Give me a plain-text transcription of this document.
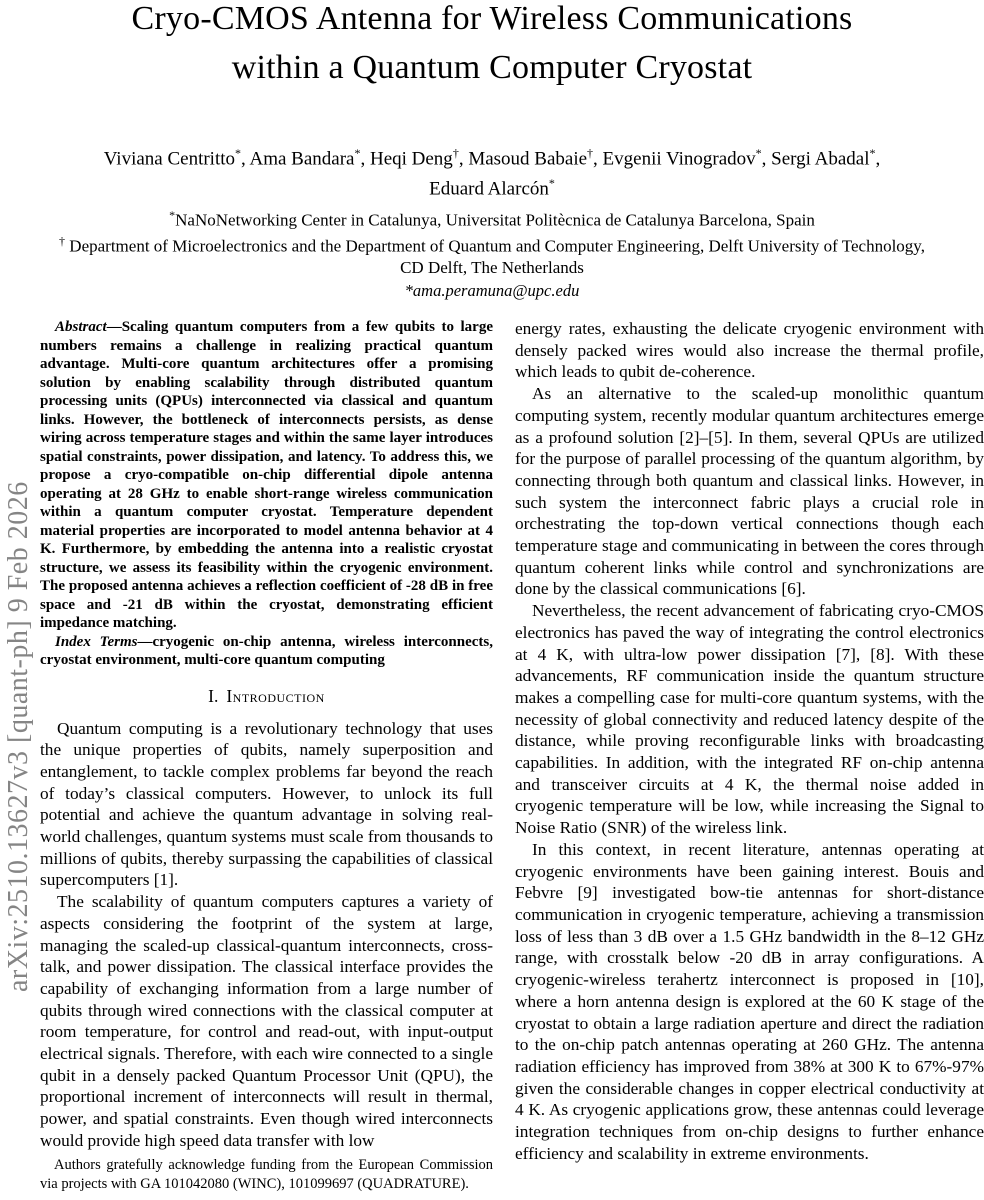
arXiv:2510.13627v3 [quant-ph] 9 Feb 2026
Cryo-CMOS Antenna for Wireless Communications
within a Quantum Computer Cryostat
Viviana Centritto*, Ama Bandara*, Heqi Deng†, Masoud Babaie†, Evgenii Vinogradov*, Sergi Abadal*,
Eduard Alarcón*
*NaNoNetworking Center in Catalunya, Universitat Politècnica de Catalunya Barcelona, Spain
† Department of Microelectronics and the Department of Quantum and Computer Engineering, Delft University of Technology,
CD Delft, The Netherlands
*ama.peramuna@upc.edu

Abstract—Scaling quantum computers from a few qubits to large numbers remains a challenge in realizing practical quantum advantage. Multi-core quantum architectures offer a promising solution by enabling scalability through distributed quantum processing units (QPUs) interconnected via classical and quantum links. However, the bottleneck of interconnects persists, as dense wiring across temperature stages and within the same layer introduces spatial constraints, power dissipation, and latency. To address this, we propose a cryo-compatible on-chip differential dipole antenna operating at 28 GHz to enable short-range wireless communication within a quantum computer cryostat. Temperature dependent material properties are incorporated to model antenna behavior at 4 K. Furthermore, by embedding the antenna into a realistic cryostat structure, we assess its feasibility within the cryogenic environment. The proposed antenna achieves a reflection coefficient of -28 dB in free space and -21 dB within the cryostat, demonstrating efficient impedance matching.

Index Terms—cryogenic on-chip antenna, wireless interconnects, cryostat environment, multi-core quantum computing

I. Introduction

Quantum computing is a revolutionary technology that uses the unique properties of qubits, namely superposition and entanglement, to tackle complex problems far beyond the reach of today’s classical computers. However, to unlock its full potential and achieve the quantum advantage in solving real-world challenges, quantum systems must scale from thousands to millions of qubits, thereby surpassing the capabilities of classical supercomputers [1].

The scalability of quantum computers captures a variety of aspects considering the footprint of the system at large, managing the scaled-up classical-quantum interconnects, cross-talk, and power dissipation. The classical interface provides the capability of exchanging information from a large number of qubits through wired connections with the classical computer at room temperature, for control and read-out, with input-output electrical signals. Therefore, with each wire connected to a single qubit in a densely packed Quantum Processor Unit (QPU), the proportional increment of interconnects will result in thermal, power, and spatial constraints. Even though wired interconnects would provide high speed data transfer with low

energy rates, exhausting the delicate cryogenic environment with densely packed wires would also increase the thermal profile, which leads to qubit de-coherence.

As an alternative to the scaled-up monolithic quantum computing system, recently modular quantum architectures emerge as a profound solution [2]–[5]. In them, several QPUs are utilized for the purpose of parallel processing of the quantum algorithm, by connecting through both quantum and classical links. However, in such system the interconnect fabric plays a crucial role in orchestrating the top-down vertical connections though each temperature stage and communicating in between the cores through quantum coherent links while control and synchronizations are done by the classical communications [6].

Nevertheless, the recent advancement of fabricating cryo-CMOS electronics has paved the way of integrating the control electronics at 4 K, with ultra-low power dissipation [7], [8]. With these advancements, RF communication inside the quantum structure makes a compelling case for multi-core quantum systems, with the necessity of global connectivity and reduced latency despite of the distance, while proving reconfigurable links with broadcasting capabilities. In addition, with the integrated RF on-chip antenna and transceiver circuits at 4 K, the thermal noise added in cryogenic temperature will be low, while increasing the Signal to Noise Ratio (SNR) of the wireless link.

In this context, in recent literature, antennas operating at cryogenic environments have been gaining interest. Bouis and Febvre [9] investigated bow-tie antennas for short-distance communication in cryogenic temperature, achieving a transmission loss of less than 3 dB over a 1.5 GHz bandwidth in the 8–12 GHz range, with crosstalk below -20 dB in array configurations. A cryogenic-wireless terahertz interconnect is proposed in [10], where a horn antenna design is explored at the 60 K stage of the cryostat to obtain a large radiation aperture and direct the radiation to the on-chip patch antennas operating at 260 GHz. The antenna radiation efficiency has improved from 38% at 300 K to 67%-97% given the considerable changes in copper electrical conductivity at 4 K. As cryogenic applications grow, these antennas could leverage integration techniques from on-chip designs to further enhance efficiency and scalability in extreme environments.

Authors gratefully acknowledge funding from the European Commission via projects with GA 101042080 (WINC), 101099697 (QUADRATURE).
